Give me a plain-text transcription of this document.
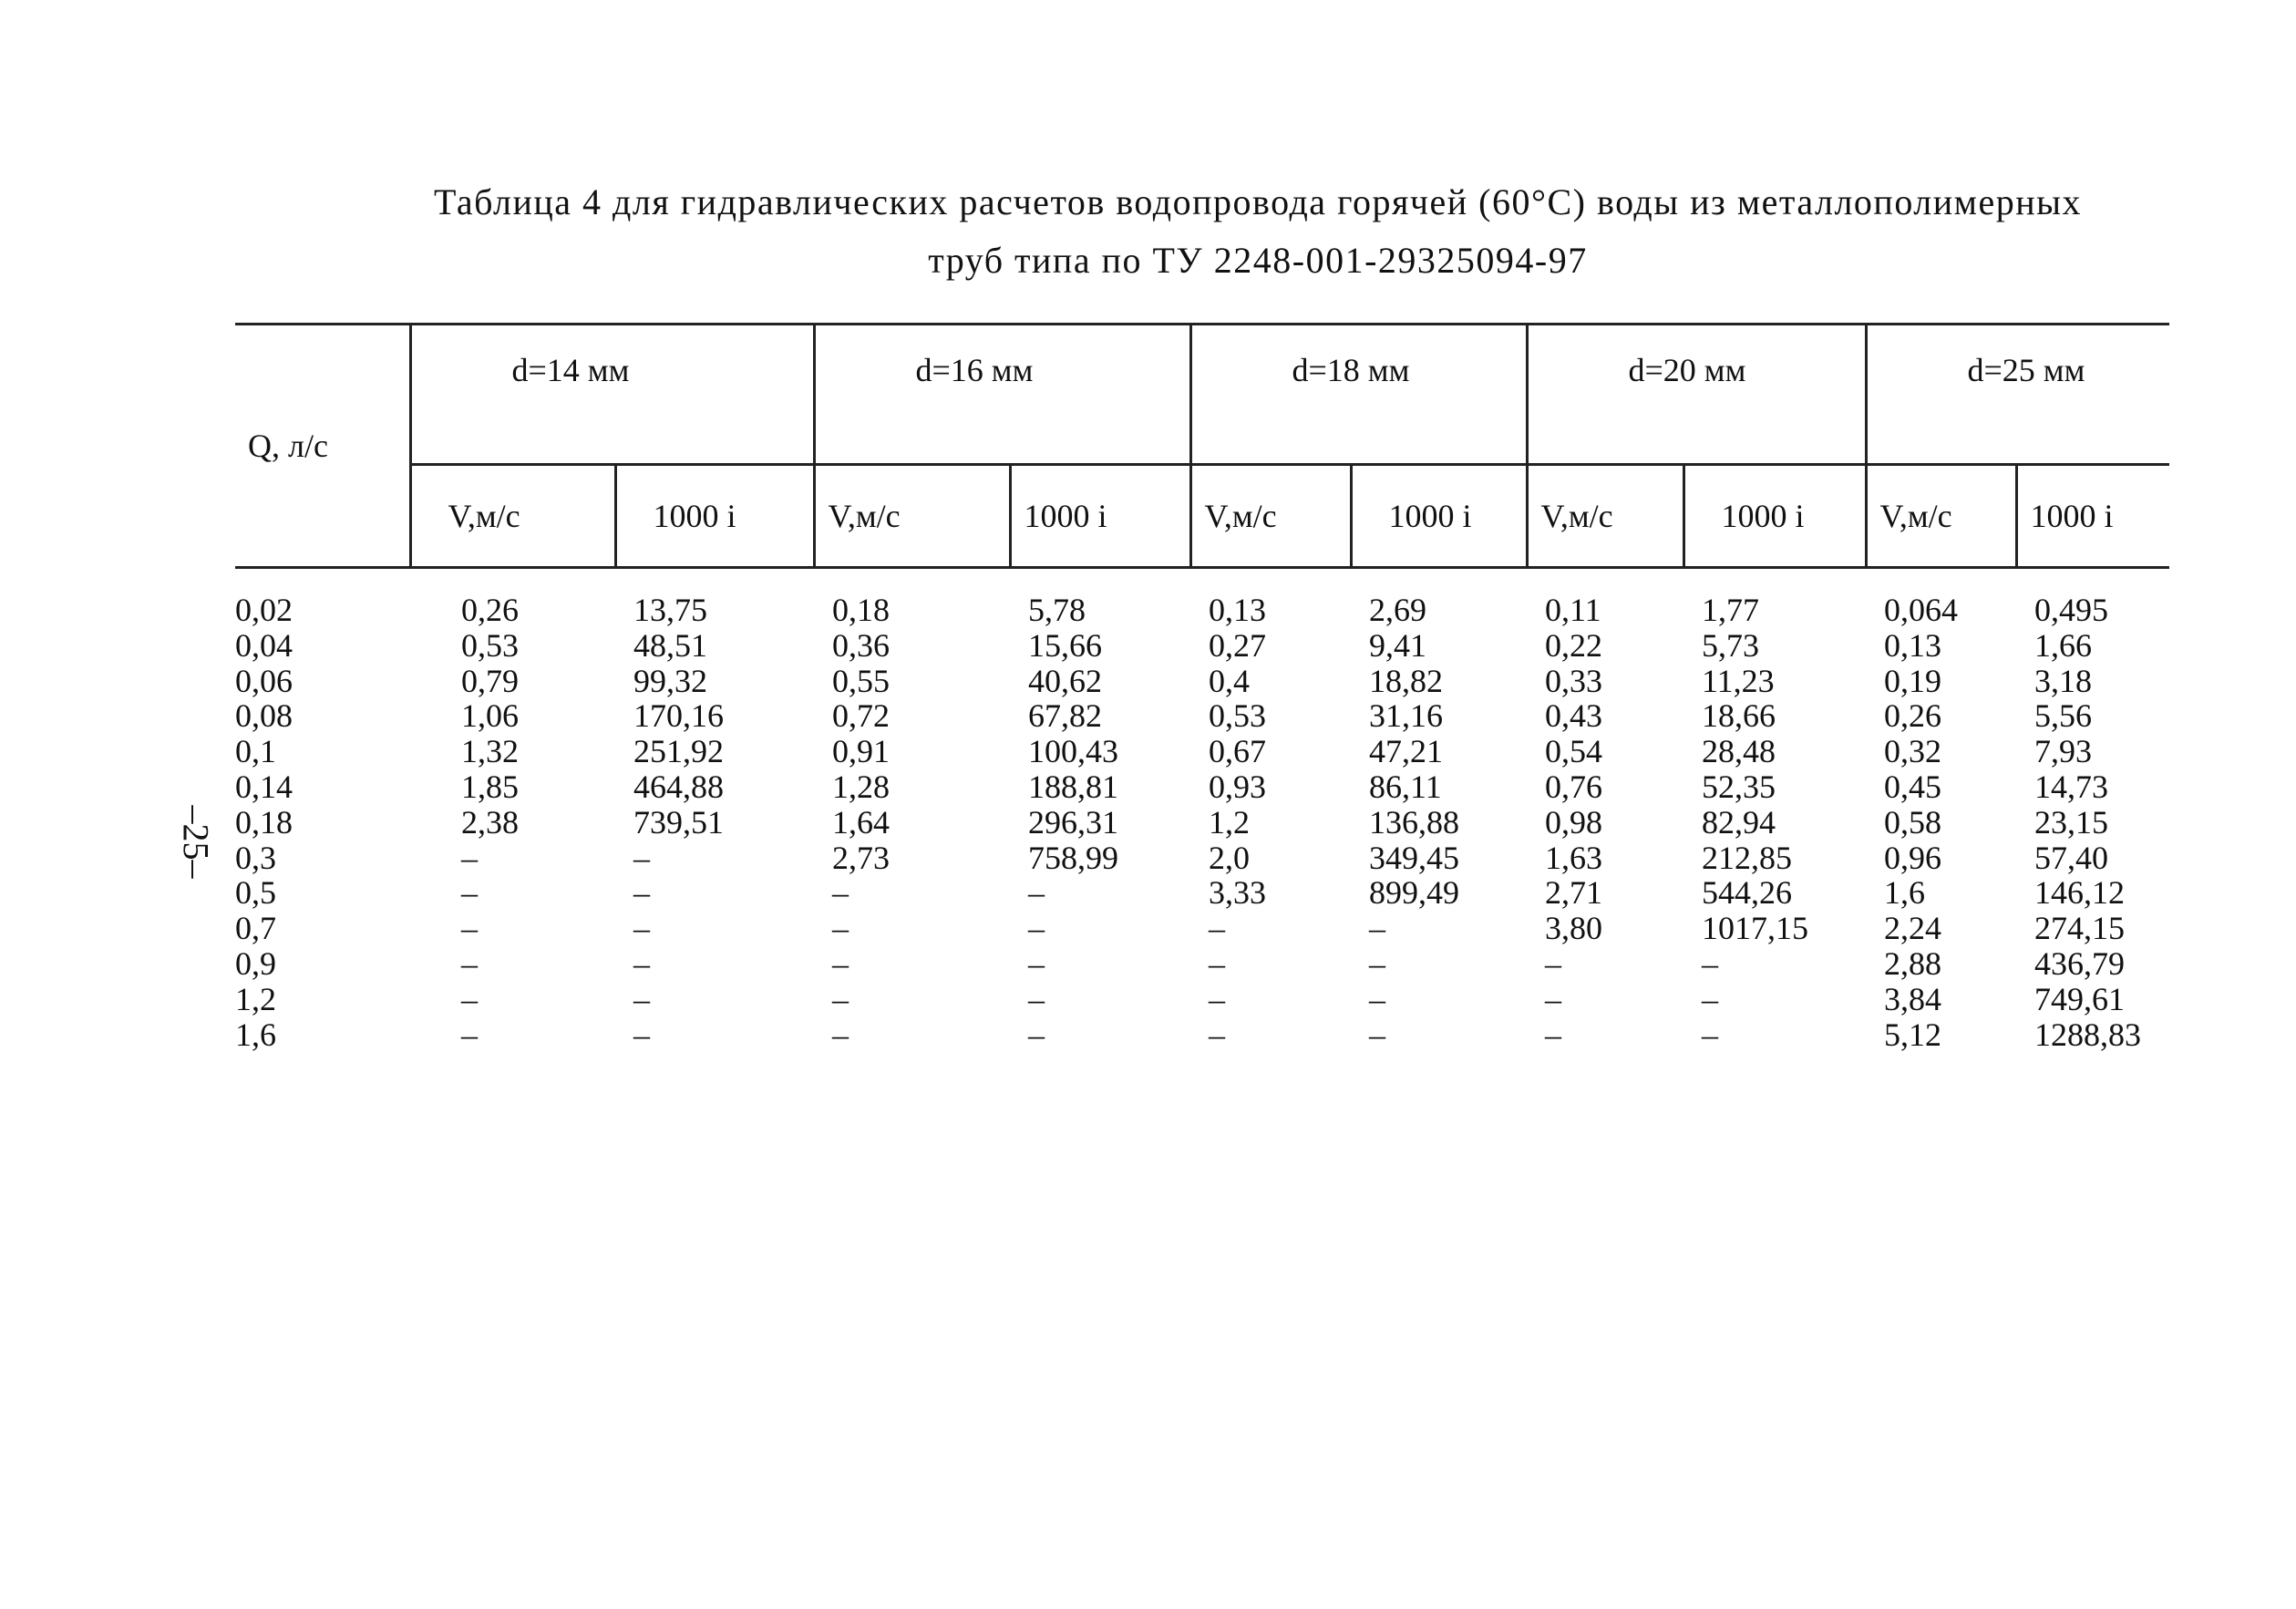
Таблица 4 для гидравлических расчетов водопровода горячей (60°С) воды из металлополимерных
труб типа по ТУ 2248-001-29325094-97
–25–
Q, л/с	d=14 мм		d=16 мм		d=18 мм		d=20 мм		d=25 мм	
	V,м/с	1000 i	V,м/с	1000 i	V,м/с	1000 i	V,м/с	1000 i	V,м/с	1000 i
0,02	0,26	13,75	0,18	5,78	0,13	2,69	0,11	1,77	0,064	0,495
0,04	0,53	48,51	0,36	15,66	0,27	9,41	0,22	5,73	0,13	1,66
0,06	0,79	99,32	0,55	40,62	0,4	18,82	0,33	11,23	0,19	3,18
0,08	1,06	170,16	0,72	67,82	0,53	31,16	0,43	18,66	0,26	5,56
0,1	1,32	251,92	0,91	100,43	0,67	47,21	0,54	28,48	0,32	7,93
0,14	1,85	464,88	1,28	188,81	0,93	86,11	0,76	52,35	0,45	14,73
0,18	2,38	739,51	1,64	296,31	1,2	136,88	0,98	82,94	0,58	23,15
0,3	–	–	2,73	758,99	2,0	349,45	1,63	212,85	0,96	57,40
0,5	–	–	–	–	3,33	899,49	2,71	544,26	1,6	146,12
0,7	–	–	–	–	–	–	3,80	1017,15	2,24	274,15
0,9	–	–	–	–	–	–	–	–	2,88	436,79
1,2	–	–	–	–	–	–	–	–	3,84	749,61
1,6	–	–	–	–	–	–	–	–	5,12	1288,83
